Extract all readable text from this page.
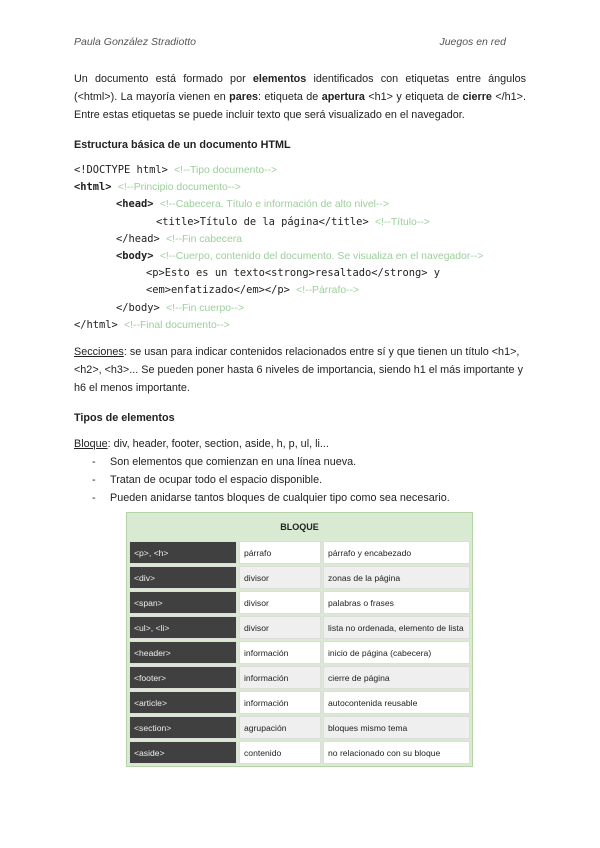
Paula González Stradiotto	Juegos en red

Un documento está formado por elementos identificados con etiquetas entre ángulos (<html>). La mayoría vienen en pares: etiqueta de apertura <h1> y etiqueta de cierre </h1>. Entre estas etiquetas se puede incluir texto que será visualizado en el navegador.

Estructura básica de un documento HTML

<!DOCTYPE html> <!--Tipo documento-->
<html> <!--Principio documento-->
<head> <!--Cabecera. Título e información de alto nivel-->
<title>Título de la página</title> <!--Título-->
</head> <!--Fin cabecera
<body> <!--Cuerpo, contenido del documento. Se visualiza en el navegador-->
<p>Esto es un texto<strong>resaltado</strong> y
<em>enfatizado</em></p> <!--Párrafo-->
</body> <!--Fin cuerpo-->
</html> <!--Final documento-->

Secciones: se usan para indicar contenidos relacionados entre sí y que tienen un título <h1>, <h2>, <h3>... Se pueden poner hasta 6 niveles de importancia, siendo h1 el más importante y h6 el menos importante.

Tipos de elementos

Bloque: div, header, footer, section, aside, h, p, ul, li...

- Son elementos que comienzan en una línea nueva.
- Tratan de ocupar todo el espacio disponible.
- Pueden anidarse tantos bloques de cualquier tipo como sea necesario.
BLOQUE		
<p>, <h>	párrafo	párrafo y encabezado
<div>	divisor	zonas de la página
<span>	divisor	palabras o frases
<ul>, <li>	divisor	lista no ordenada, elemento de lista
<header>	información	inicio de página (cabecera)
<footer>	información	cierre de página
<article>	información	autocontenida reusable
<section>	agrupación	bloques mismo tema
<aside>	contenido	no relacionado con su bloque
